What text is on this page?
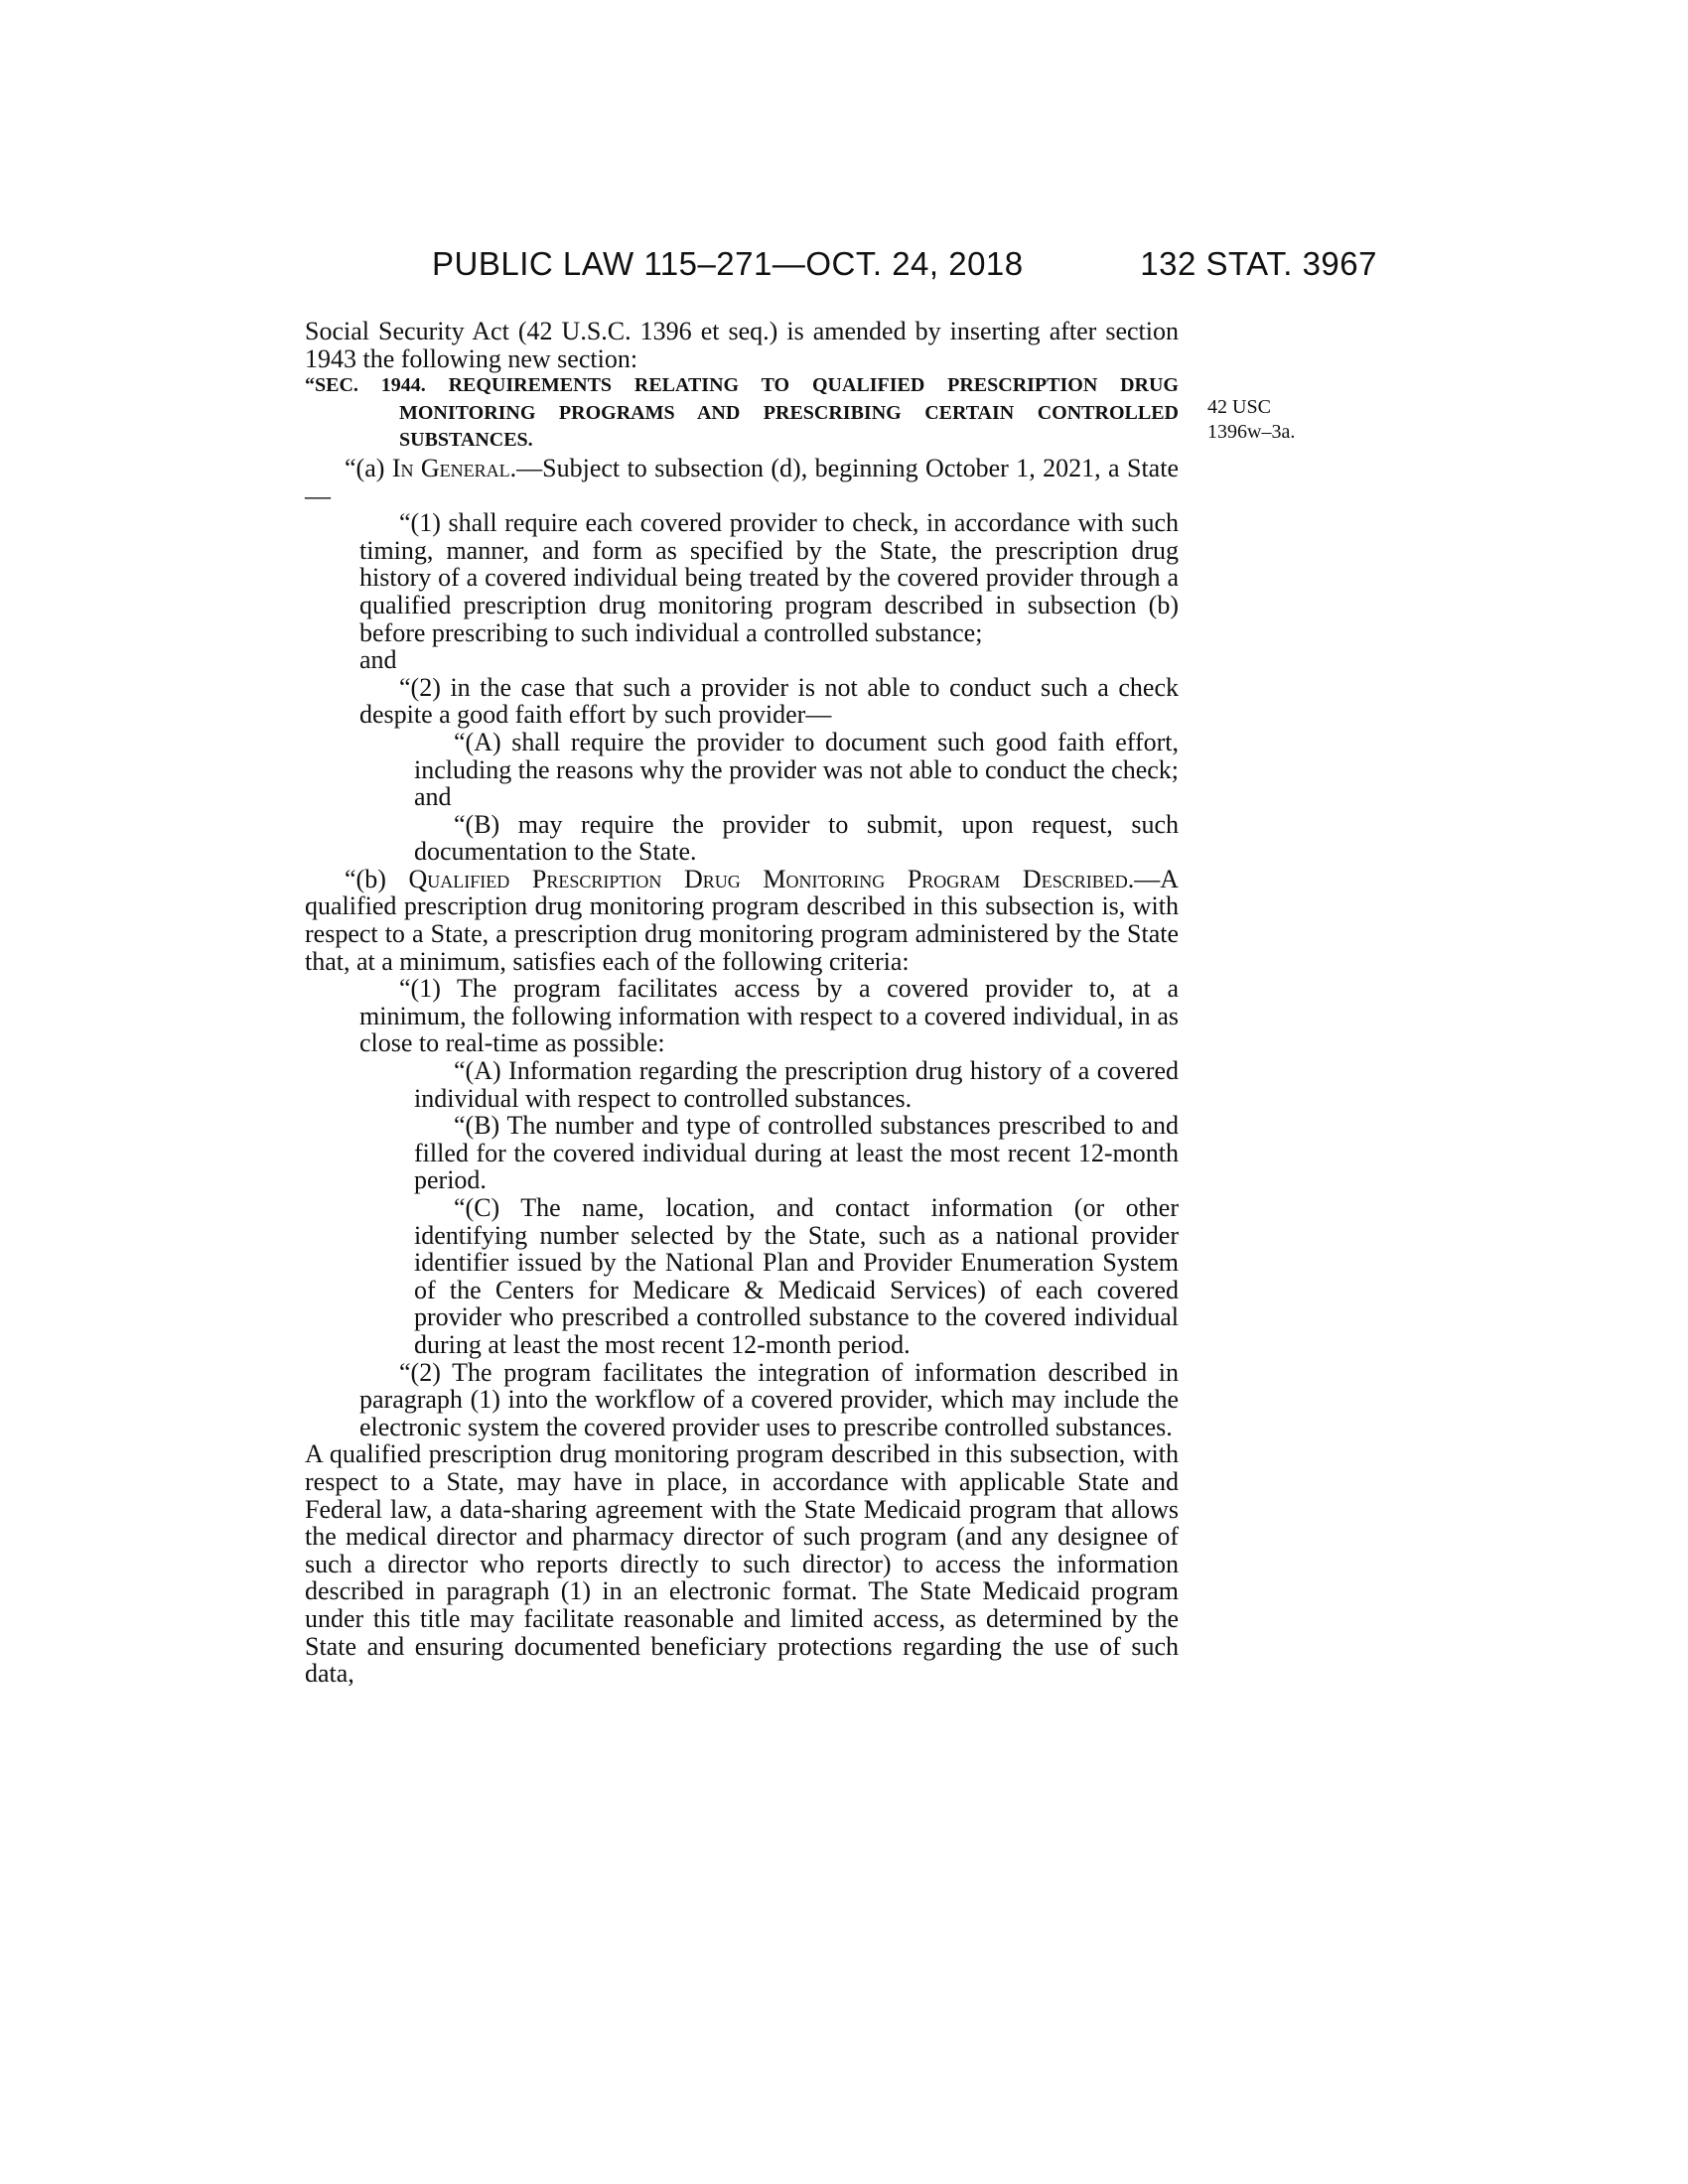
PUBLIC LAW 115–271—OCT. 24, 2018	132 STAT. 3967
42 USC
1396w–3a.

Social Security Act (42 U.S.C. 1396 et seq.) is amended by inserting after section 1943 the following new section:

“SEC. 1944. REQUIREMENTS RELATING TO QUALIFIED PRESCRIPTION DRUG MONITORING PROGRAMS AND PRESCRIBING CERTAIN CONTROLLED SUBSTANCES.

“(a) In General.—Subject to subsection (d), beginning October 1, 2021, a State—

“(1) shall require each covered provider to check, in accordance with such timing, manner, and form as specified by the State, the prescription drug history of a covered individual being treated by the covered provider through a qualified prescription drug monitoring program described in subsection (b) before prescribing to such individual a controlled substance;

and

“(2) in the case that such a provider is not able to conduct such a check despite a good faith effort by such provider—

“(A) shall require the provider to document such good faith effort, including the reasons why the provider was not able to conduct the check; and

“(B) may require the provider to submit, upon request, such documentation to the State.

“(b) Qualified Prescription Drug Monitoring Program Described.—A qualified prescription drug monitoring program described in this subsection is, with respect to a State, a prescription drug monitoring program administered by the State that, at a minimum, satisfies each of the following criteria:

“(1) The program facilitates access by a covered provider to, at a minimum, the following information with respect to a covered individual, in as close to real-time as possible:

“(A) Information regarding the prescription drug history of a covered individual with respect to controlled substances.

“(B) The number and type of controlled substances prescribed to and filled for the covered individual during at least the most recent 12-month period.

“(C) The name, location, and contact information (or other identifying number selected by the State, such as a national provider identifier issued by the National Plan and Provider Enumeration System of the Centers for Medicare & Medicaid Services) of each covered provider who prescribed a controlled substance to the covered individual during at least the most recent 12-month period.

“(2) The program facilitates the integration of information described in paragraph (1) into the workflow of a covered provider, which may include the electronic system the covered provider uses to prescribe controlled substances.

A qualified prescription drug monitoring program described in this subsection, with respect to a State, may have in place, in accordance with applicable State and Federal law, a data-sharing agreement with the State Medicaid program that allows the medical director and pharmacy director of such program (and any designee of such a director who reports directly to such director) to access the information described in paragraph (1) in an electronic format. The State Medicaid program under this title may facilitate reasonable and limited access, as determined by the State and ensuring documented beneficiary protections regarding the use of such data,
